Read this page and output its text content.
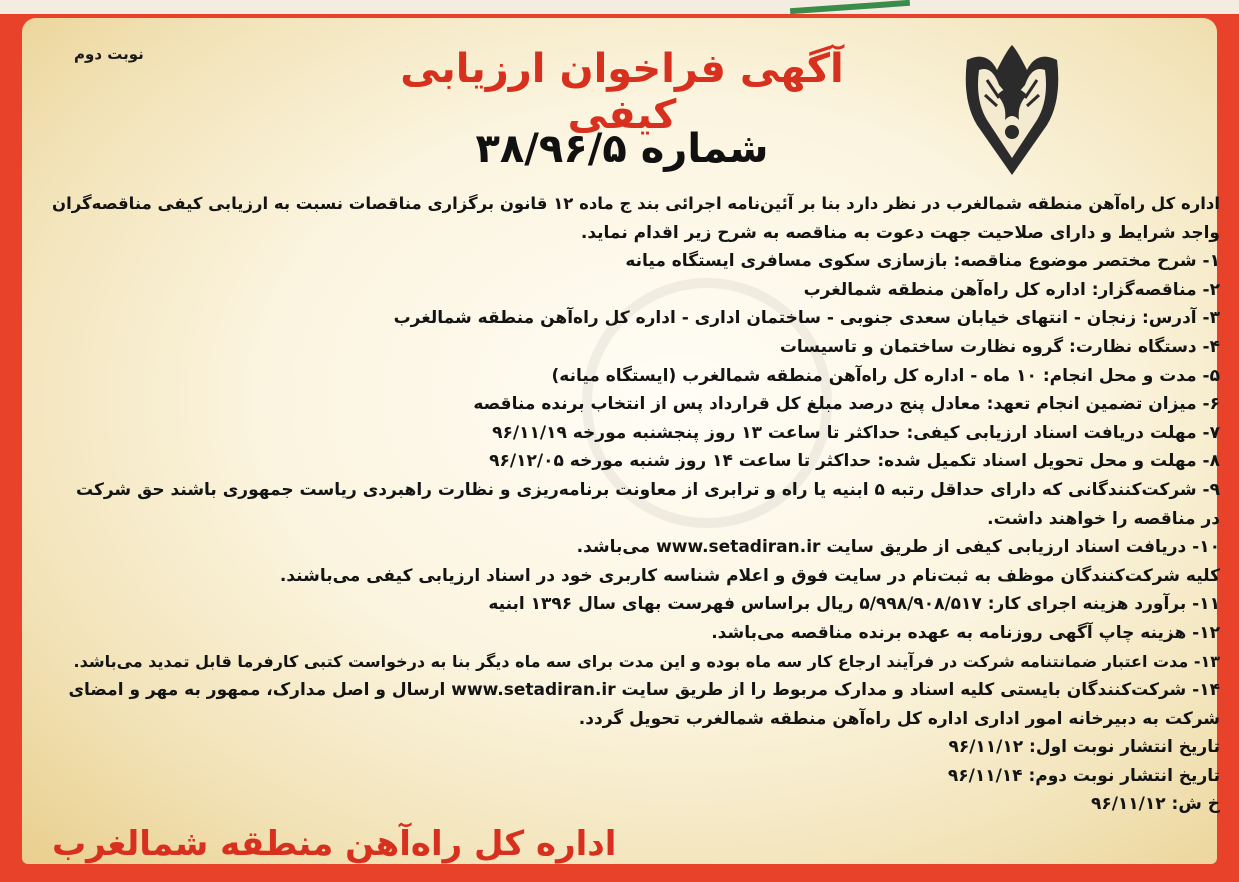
نوبت دوم	آگهی فراخوان ارزیابی کیفی
شماره ۳۸/۹۶/۵

اداره کل راه‌آهن منطقه شمالغرب در نظر دارد بنا بر آئین‌نامه اجرائی بند ج ماده ۱۲ قانون برگزاری مناقصات نسبت به ارزیابی کیفی مناقصه‌گران

واجد شرایط و دارای صلاحیت جهت دعوت به مناقصه به شرح زیر اقدام نماید.

۱- شرح مختصر موضوع مناقصه: بازسازی سکوی مسافری ایستگاه میانه

۲- مناقصه‌گزار: اداره کل راه‌آهن منطقه شمالغرب

۳- آدرس: زنجان - انتهای خیابان سعدی جنوبی - ساختمان اداری - اداره کل راه‌آهن منطقه شمالغرب

۴- دستگاه نظارت: گروه نظارت ساختمان و تاسیسات

۵- مدت و محل انجام: ۱۰ ماه - اداره کل راه‌آهن منطقه شمالغرب (ایستگاه میانه)

۶- میزان تضمین انجام تعهد: معادل پنج درصد مبلغ کل قرارداد پس از انتخاب برنده مناقصه

۷- مهلت دریافت اسناد ارزیابی کیفی: حداکثر تا ساعت ۱۳ روز پنجشنبه مورخه ۹۶/۱۱/۱۹

۸- مهلت و محل تحویل اسناد تکمیل شده: حداکثر تا ساعت ۱۴ روز شنبه مورخه ۹۶/۱۲/۰۵

۹- شرکت‌کنندگانی که دارای حداقل رتبه ۵ ابنیه یا راه و ترابری از معاونت برنامه‌ریزی و نظارت راهبردی ریاست جمهوری باشند حق شرکت

در مناقصه را خواهند داشت.

۱۰- دریافت اسناد ارزیابی کیفی از طریق سایت www.setadiran.ir می‌باشد.

کلیه شرکت‌کنندگان موظف به ثبت‌نام در سایت فوق و اعلام شناسه کاربری خود در اسناد ارزیابی کیفی می‌باشند.

۱۱- برآورد هزینه اجرای کار: ۵/۹۹۸/۹۰۸/۵۱۷ ریال براساس فهرست بهای سال ۱۳۹۶ ابنیه

۱۲- هزینه چاپ آگهی روزنامه به عهده برنده مناقصه می‌باشد.

۱۳- مدت اعتبار ضمانتنامه شرکت در فرآیند ارجاع کار سه ماه بوده و این مدت برای سه ماه دیگر بنا به درخواست کتبی کارفرما قابل تمدید می‌باشد.

۱۴- شرکت‌کنندگان بایستی کلیه اسناد و مدارک مربوط را از طریق سایت www.setadiran.ir ارسال و اصل مدارک، ممهور به مهر و امضای

شرکت به دبیرخانه امور اداری اداره کل راه‌آهن منطقه شمالغرب تحویل گردد.

تاریخ انتشار نوبت اول: ۹۶/۱۱/۱۲

تاریخ انتشار نوبت دوم: ۹۶/۱۱/۱۴

خ ش: ۹۶/۱۱/۱۲

اداره کل راه‌آهن منطقه شمالغرب
